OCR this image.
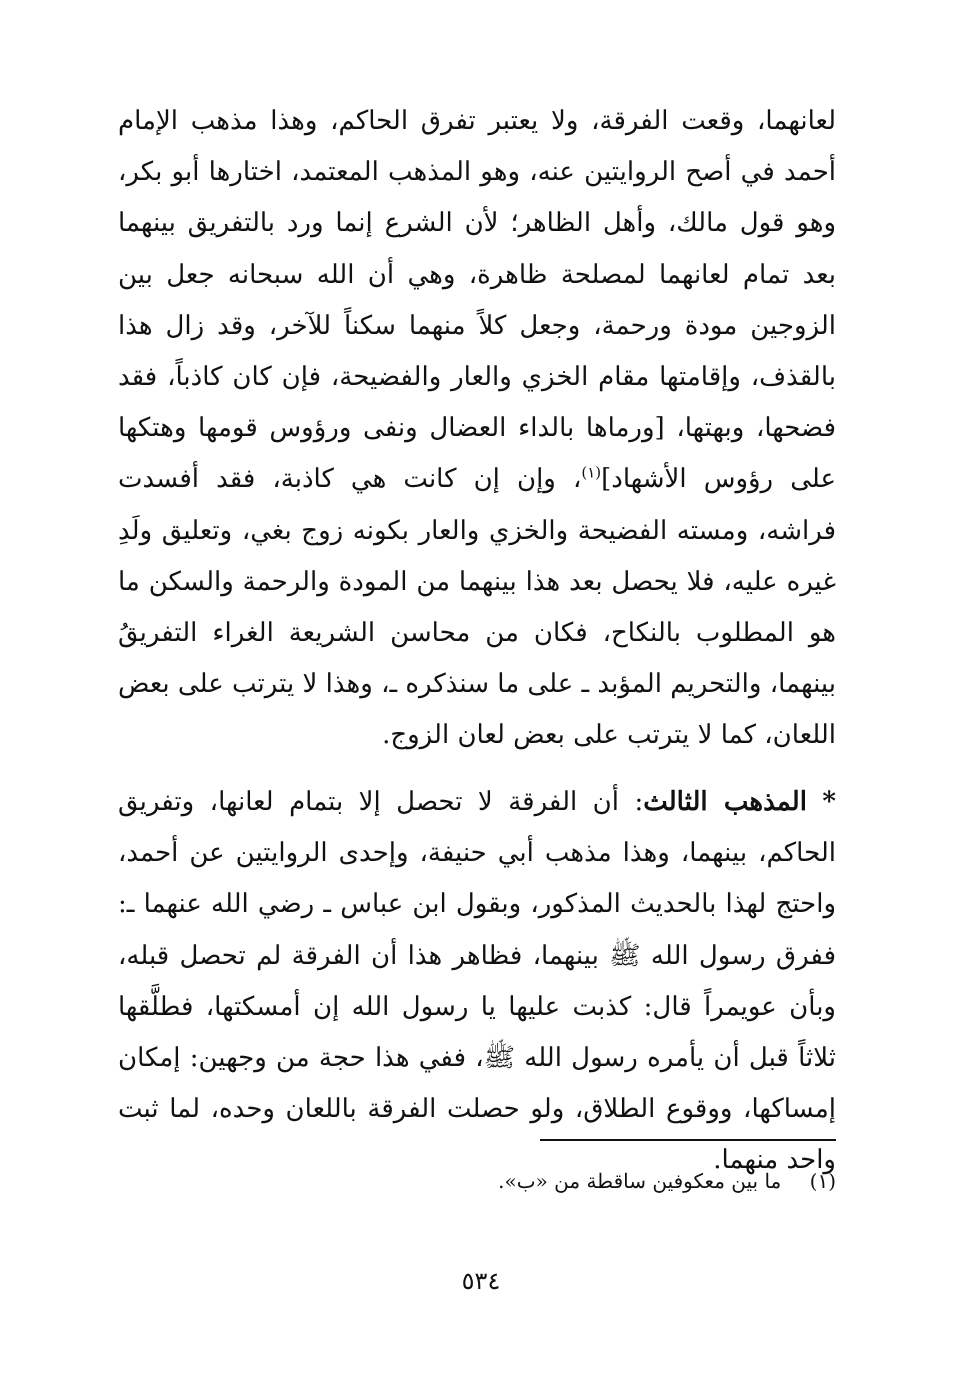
لعانهما، وقعت الفرقة، ولا يعتبر تفرق الحاكم، وهذا مذهب الإمام أحمد في أصح الروايتين عنه، وهو المذهب المعتمد، اختارها أبو بكر، وهو قول مالك، وأهل الظاهر؛ لأن الشرع إنما ورد بالتفريق بينهما بعد تمام لعانهما لمصلحة ظاهرة، وهي أن الله سبحانه جعل بين الزوجين مودة ورحمة، وجعل كلاً منهما سكناً للآخر، وقد زال هذا بالقذف، وإقامتها مقام الخزي والعار والفضيحة، فإن كان كاذباً، فقد فضحها، وبهتها، [ورماها بالداء العضال ونفى ورؤوس قومها وهتكها على رؤوس الأشهاد]$^{(١)}$، وإن إن كانت هي كاذبة، فقد أفسدت فراشه، ومسته الفضيحة والخزي والعار بكونه زوج بغي، وتعليق ولَدِ غيره عليه، فلا يحصل بعد هذا بينهما من المودة والرحمة والسكن ما هو المطلوب بالنكاح، فكان من محاسن الشريعة الغراء التفريقُ بينهما، والتحريم المؤبد ـ على ما سنذكره ـ، وهذا لا يترتب على بعض اللعان، كما لا يترتب على بعض لعان الزوج.

* المذهب الثالث: أن الفرقة لا تحصل إلا بتمام لعانها، وتفريق الحاكم، بينهما، وهذا مذهب أبي حنيفة، وإحدى الروايتين عن أحمد، واحتج لهذا بالحديث المذكور، وبقول ابن عباس ـ رضي الله عنهما ـ: ففرق رسول الله ﷺ بينهما، فظاهر هذا أن الفرقة لم تحصل قبله، وبأن عويمراً قال: كذبت عليها يا رسول الله إن أمسكتها، فطلَّقها ثلاثاً قبل أن يأمره رسول الله ﷺ، ففي هذا حجة من وجهين: إمكان إمساكها، ووقوع الطلاق، ولو حصلت الفرقة باللعان وحده، لما ثبت واحد منهما.

(١) ما بين معكوفين ساقطة من «ب».
٥٣٤
